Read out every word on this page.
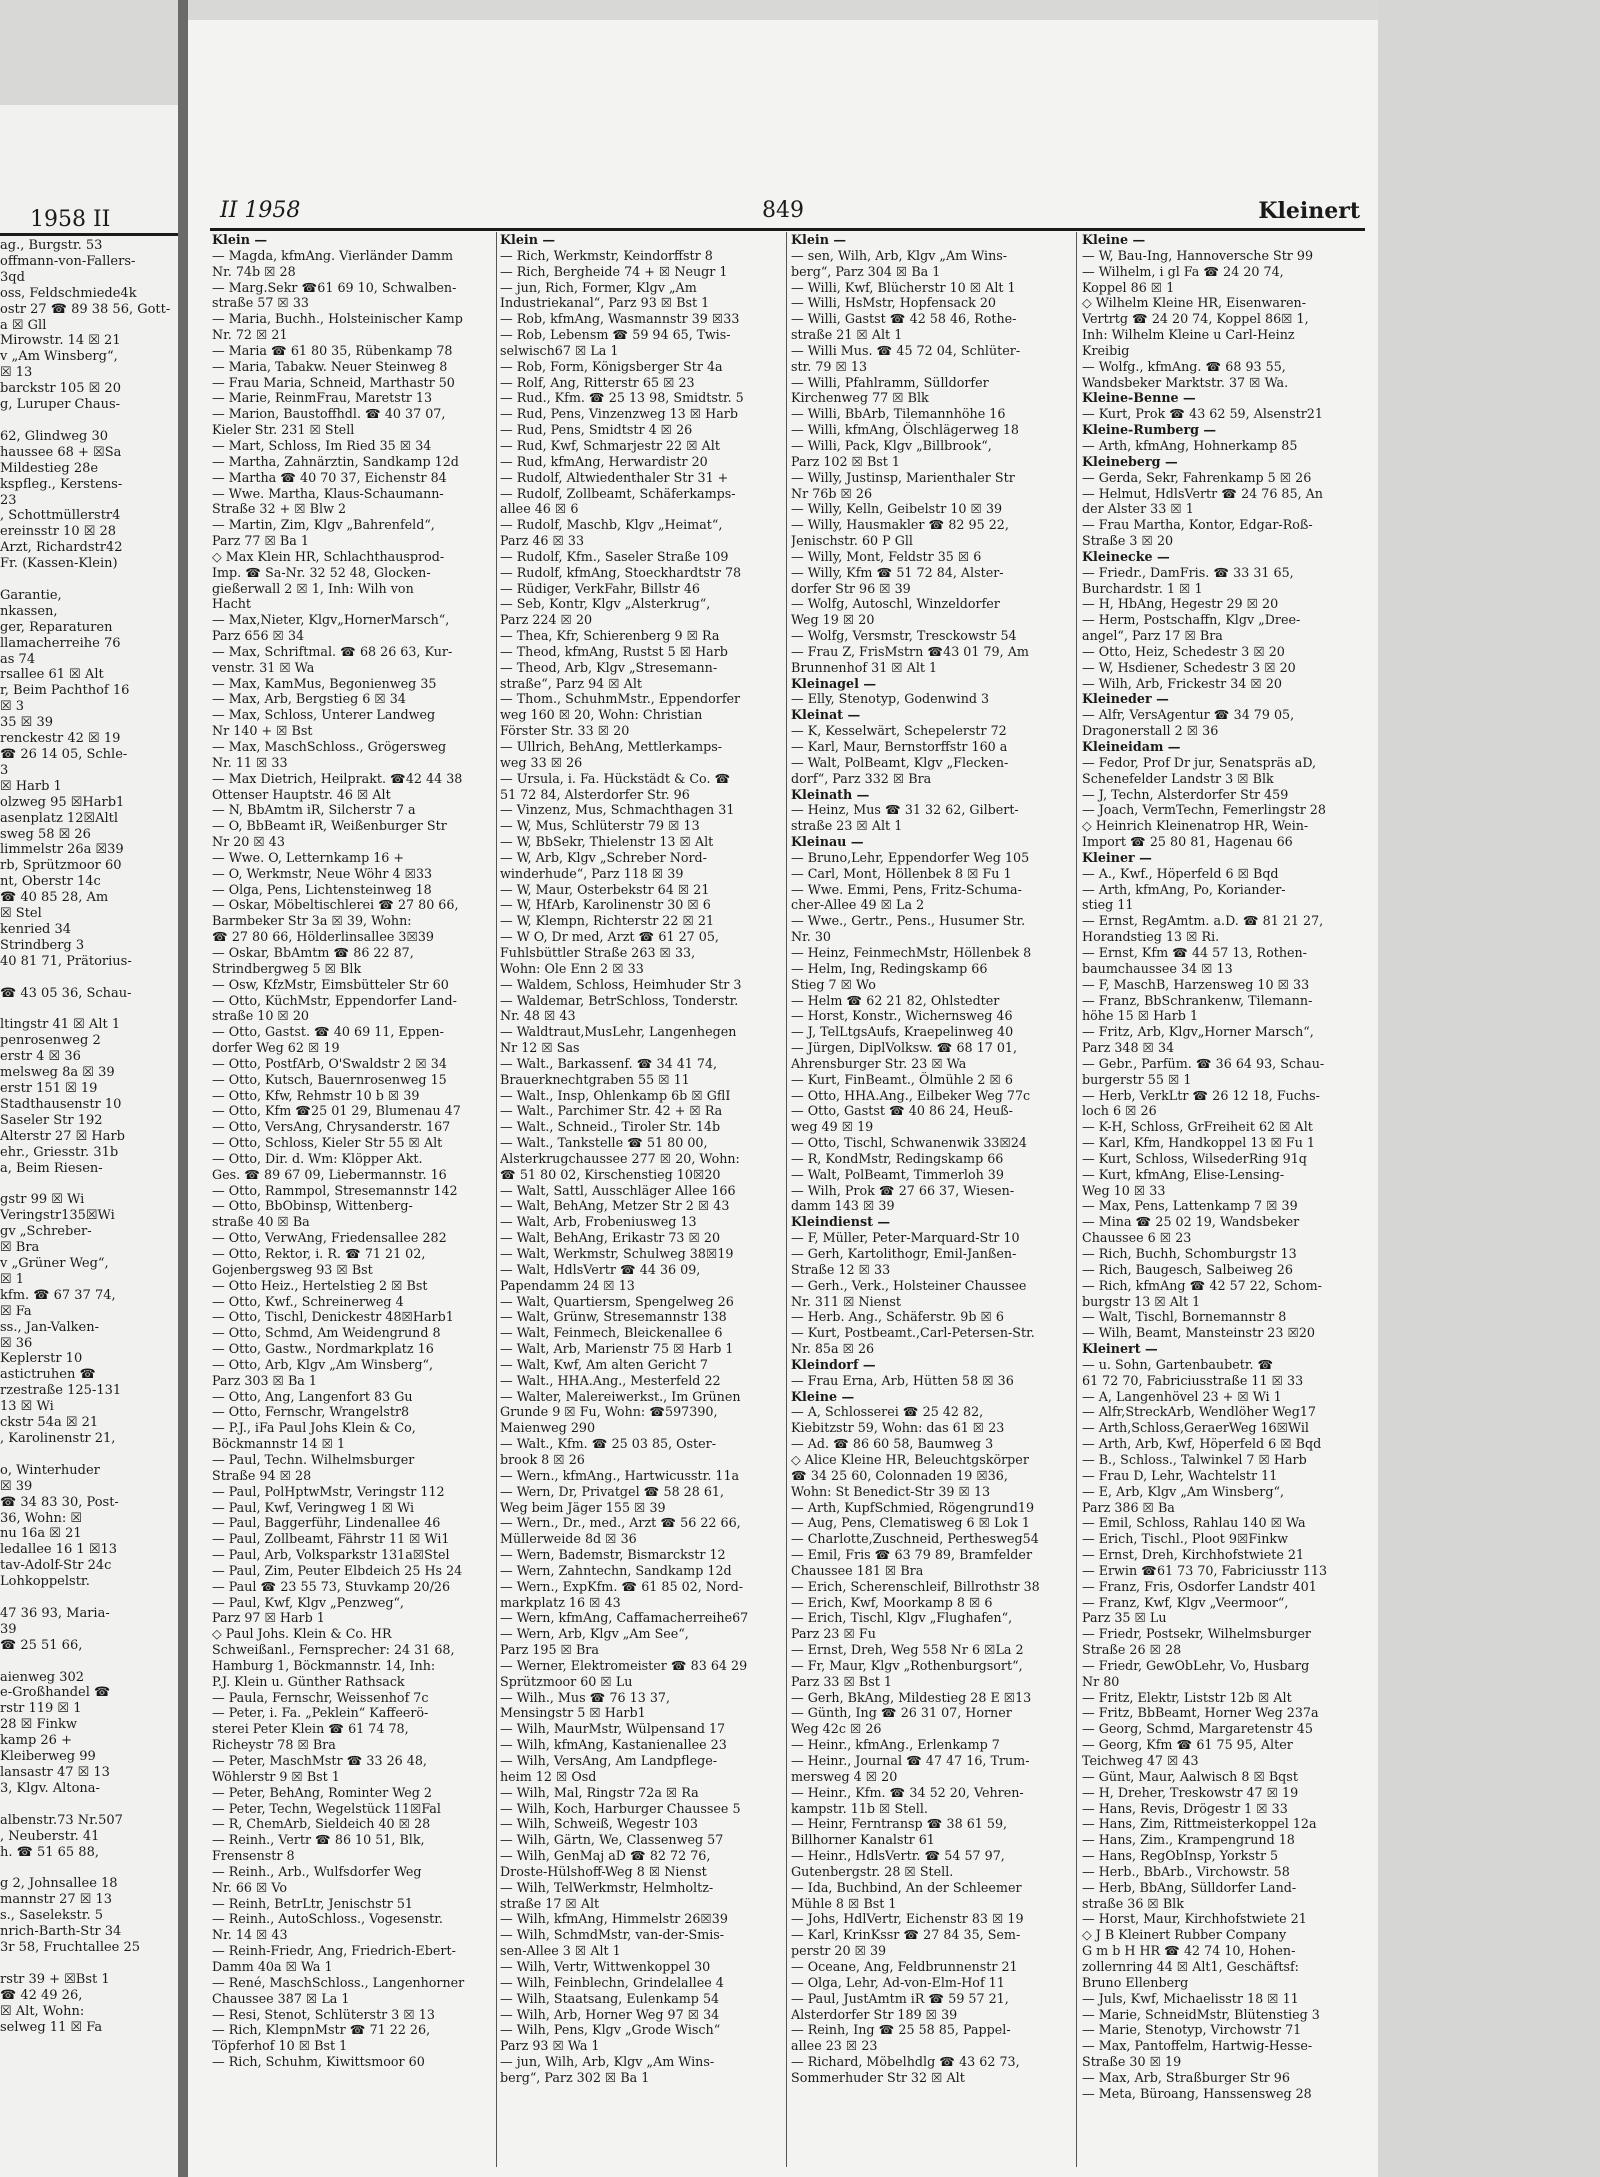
1958 II
ag., Burgstr. 53
offmann-von-Fallers-
3qd
oss, Feldschmiede4k
ostr 27 ☎ 89 38 56, Gott-
a ☒ Gll
Mirowstr. 14 ☒ 21
v „Am Winsberg“,
☒ 13
barckstr 105 ☒ 20
g, Luruper Chaus-

62, Glindweg 30
haussee 68 + ☒Sa
Mildestieg 28e
kspfleg., Kerstens-
23
, Schottmüllerstr4
ereinsstr 10 ☒ 28
Arzt, Richardstr42
Fr. (Kassen-Klein)

Garantie,
nkassen,
ger, Reparaturen
llamacherreihe 76
as 74
rsallee 61 ☒ Alt
r, Beim Pachthof 16
☒ 3
35 ☒ 39
renckestr 42 ☒ 19
☎ 26 14 05, Schle-
3
☒ Harb 1
olzweg 95 ☒Harb1
asenplatz 12☒Altl
sweg 58 ☒ 26
limmelstr 26a ☒39
rb, Sprützmoor 60
nt, Oberstr 14c
☎ 40 85 28, Am
☒ Stel
kenried 34
Strindberg 3
40 81 71, Prätorius-

☎ 43 05 36, Schau-

ltingstr 41 ☒ Alt 1
penrosenweg 2
erstr 4 ☒ 36
melsweg 8a ☒ 39
erstr 151 ☒ 19
Stadthausenstr 10
Saseler Str 192
Alterstr 27 ☒ Harb
ehr., Griesstr. 31b
a, Beim Riesen-

gstr 99 ☒ Wi
Veringstr135☒Wi
gv „Schreber-
☒ Bra
v „Grüner Weg“,
☒ 1
kfm. ☎ 67 37 74,
☒ Fa
ss., Jan-Valken-
☒ 36
Keplerstr 10
astictruhen ☎
rzestraße 125-131
13 ☒ Wi
ckstr 54a ☒ 21
, Karolinenstr 21,

o, Winterhuder
☒ 39
☎ 34 83 30, Post-
36, Wohn: ☒
nu 16a ☒ 21
ledallee 16 1 ☒13
tav-Adolf-Str 24c
Lohkoppelstr.

47 36 93, Maria-
39
☎ 25 51 66,

aienweg 302
e-Großhandel ☎
rstr 119 ☒ 1
28 ☒ Finkw
kamp 26 +
Kleiberweg 99
lansastr 47 ☒ 13
3, Klgv. Altona-

albenstr.73 Nr.507
, Neuberstr. 41
h. ☎ 51 65 88,

g 2, Johnsallee 18
mannstr 27 ☒ 13
s., Saselekstr. 5
nrich-Barth-Str 34
3r 58, Fruchtallee 25

rstr 39 + ☒Bst 1
☎ 42 49 26,
☒ Alt, Wohn:
selweg 11 ☒ Fa
II 1958	849	Kleinert
Klein —
— Magda, kfmAng. Vierländer Damm
Nr. 74b ☒ 28
— Marg.Sekr ☎61 69 10, Schwalben-
straße 57 ☒ 33
— Maria, Buchh., Holsteinischer Kamp
Nr. 72 ☒ 21
— Maria ☎ 61 80 35, Rübenkamp 78
— Maria, Tabakw. Neuer Steinweg 8
— Frau Maria, Schneid, Marthastr 50
— Marie, ReinmFrau, Maretstr 13
— Marion, Baustoffhdl. ☎ 40 37 07,
Kieler Str. 231 ☒ Stell
— Mart, Schloss, Im Ried 35 ☒ 34
— Martha, Zahnärztin, Sandkamp 12d
— Martha ☎ 40 70 37, Eichenstr 84
— Wwe. Martha, Klaus-Schaumann-
Straße 32 + ☒ Blw 2
— Martin, Zim, Klgv „Bahrenfeld“,
Parz 77 ☒ Ba 1
◇ Max Klein HR, Schlachthausprod-
Imp. ☎ Sa-Nr. 32 52 48, Glocken-
gießerwall 2 ☒ 1, Inh: Wilh von
Hacht
— Max,Nieter, Klgv„HornerMarsch“,
Parz 656 ☒ 34
— Max, Schriftmal. ☎ 68 26 63, Kur-
venstr. 31 ☒ Wa
— Max, KamMus, Begonienweg 35
— Max, Arb, Bergstieg 6 ☒ 34
— Max, Schloss, Unterer Landweg
Nr 140 + ☒ Bst
— Max, MaschSchloss., Grögersweg
Nr. 11 ☒ 33
— Max Dietrich, Heilprakt. ☎42 44 38
Ottenser Hauptstr. 46 ☒ Alt
— N, BbAmtm iR, Silcherstr 7 a
— O, BbBeamt iR, Weißenburger Str
Nr 20 ☒ 43
— Wwe. O, Letternkamp 16 +
— O, Werkmstr, Neue Wöhr 4 ☒33
— Olga, Pens, Lichtensteinweg 18
— Oskar, Möbeltischlerei ☎ 27 80 66,
Barmbeker Str 3a ☒ 39, Wohn:
☎ 27 80 66, Hölderlinsallee 3☒39
— Oskar, BbAmtm ☎ 86 22 87,
Strindbergweg 5 ☒ Blk
— Osw, KfzMstr, Eimsbütteler Str 60
— Otto, KüchMstr, Eppendorfer Land-
straße 10 ☒ 20
— Otto, Gastst. ☎ 40 69 11, Eppen-
dorfer Weg 62 ☒ 19
— Otto, PostfArb, O'Swaldstr 2 ☒ 34
— Otto, Kutsch, Bauernrosenweg 15
— Otto, Kfw, Rehmstr 10 b ☒ 39
— Otto, Kfm ☎25 01 29, Blumenau 47
— Otto, VersAng, Chrysanderstr. 167
— Otto, Schloss, Kieler Str 55 ☒ Alt
— Otto, Dir. d. Wm: Klöpper Akt.
Ges. ☎ 89 67 09, Liebermannstr. 16
— Otto, Rammpol, Stresemannstr 142
— Otto, BbObinsp, Wittenberg-
straße 40 ☒ Ba
— Otto, VerwAng, Friedensallee 282
— Otto, Rektor, i. R. ☎ 71 21 02,
Gojenbergsweg 93 ☒ Bst
— Otto Heiz., Hertelstieg 2 ☒ Bst
— Otto, Kwf., Schreinerweg 4
— Otto, Tischl, Denickestr 48☒Harb1
— Otto, Schmd, Am Weidengrund 8
— Otto, Gastw., Nordmarkplatz 16
— Otto, Arb, Klgv „Am Winsberg“,
Parz 303 ☒ Ba 1
— Otto, Ang, Langenfort 83 Gu
— Otto, Fernschr, Wrangelstr8
— P.J., iFa Paul Johs Klein & Co,
Böckmannstr 14 ☒ 1
— Paul, Techn. Wilhelmsburger
Straße 94 ☒ 28
— Paul, PolHptwMstr, Veringstr 112
— Paul, Kwf, Veringweg 1 ☒ Wi
— Paul, Baggerführ, Lindenallee 46
— Paul, Zollbeamt, Fährstr 11 ☒ Wi1
— Paul, Arb, Volksparkstr 131a☒Stel
— Paul, Zim, Peuter Elbdeich 25 Hs 24
— Paul ☎ 23 55 73, Stuvkamp 20/26
— Paul, Kwf, Klgv „Penzweg“,
Parz 97 ☒ Harb 1
◇ Paul Johs. Klein & Co. HR
Schweißanl., Fernsprecher: 24 31 68,
Hamburg 1, Böckmannstr. 14, Inh:
P.J. Klein u. Günther Rathsack
— Paula, Fernschr, Weissenhof 7c
— Peter, i. Fa. „Peklein“ Kaffeerö-
sterei Peter Klein ☎ 61 74 78,
Richeystr 78 ☒ Bra
— Peter, MaschMstr ☎ 33 26 48,
Wöhlerstr 9 ☒ Bst 1
— Peter, BehAng, Rominter Weg 2
— Peter, Techn, Wegelstück 11☒Fal
— R, ChemArb, Sieldeich 40 ☒ 28
— Reinh., Vertr ☎ 86 10 51, Blk,
Frensenstr 8
— Reinh., Arb., Wulfsdorfer Weg
Nr. 66 ☒ Vo
— Reinh, BetrLtr, Jenischstr 51
— Reinh., AutoSchloss., Vogesenstr.
Nr. 14 ☒ 43
— Reinh-Friedr, Ang, Friedrich-Ebert-
Damm 40a ☒ Wa 1
— René, MaschSchloss., Langenhorner
Chaussee 387 ☒ La 1
— Resi, Stenot, Schlüterstr 3 ☒ 13
— Rich, KlempnMstr ☎ 71 22 26,
Töpferhof 10 ☒ Bst 1
— Rich, Schuhm, Kiwittsmoor 60
Klein —
— Rich, Werkmstr, Keindorffstr 8
— Rich, Bergheide 74 + ☒ Neugr 1
— jun, Rich, Former, Klgv „Am
Industriekanal“, Parz 93 ☒ Bst 1
— Rob, kfmAng, Wasmannstr 39 ☒33
— Rob, Lebensm ☎ 59 94 65, Twis-
selwisch67 ☒ La 1
— Rob, Form, Königsberger Str 4a
— Rolf, Ang, Ritterstr 65 ☒ 23
— Rud., Kfm. ☎ 25 13 98, Smidtstr. 5
— Rud, Pens, Vinzenzweg 13 ☒ Harb
— Rud, Pens, Smidtstr 4 ☒ 26
— Rud, Kwf, Schmarjestr 22 ☒ Alt
— Rud, kfmAng, Herwardistr 20
— Rudolf, Altwiedenthaler Str 31 +
— Rudolf, Zollbeamt, Schäferkamps-
allee 46 ☒ 6
— Rudolf, Maschb, Klgv „Heimat“,
Parz 46 ☒ 33
— Rudolf, Kfm., Saseler Straße 109
— Rudolf, kfmAng, Stoeckhardtstr 78
— Rüdiger, VerkFahr, Billstr 46
— Seb, Kontr, Klgv „Alsterkrug“,
Parz 224 ☒ 20
— Thea, Kfr, Schierenberg 9 ☒ Ra
— Theod, kfmAng, Rustst 5 ☒ Harb
— Theod, Arb, Klgv „Stresemann-
straße“, Parz 94 ☒ Alt
— Thom., SchuhmMstr., Eppendorfer
weg 160 ☒ 20, Wohn: Christian
Förster Str. 33 ☒ 20
— Ullrich, BehAng, Mettlerkamps-
weg 33 ☒ 26
— Ursula, i. Fa. Hückstädt & Co. ☎
51 72 84, Alsterdorfer Str. 96
— Vinzenz, Mus, Schmachthagen 31
— W, Mus, Schlüterstr 79 ☒ 13
— W, BbSekr, Thielenstr 13 ☒ Alt
— W, Arb, Klgv „Schreber Nord-
winderhude“, Parz 118 ☒ 39
— W, Maur, Osterbekstr 64 ☒ 21
— W, HfArb, Karolinenstr 30 ☒ 6
— W, Klempn, Richterstr 22 ☒ 21
— W O, Dr med, Arzt ☎ 61 27 05,
Fuhlsbüttler Straße 263 ☒ 33,
Wohn: Ole Enn 2 ☒ 33
— Waldem, Schloss, Heimhuder Str 3
— Waldemar, BetrSchloss, Tonderstr.
Nr. 48 ☒ 43
— Waldtraut,MusLehr, Langenhegen
Nr 12 ☒ Sas
— Walt., Barkassenf. ☎ 34 41 74,
Brauerknechtgraben 55 ☒ 11
— Walt., Insp, Ohlenkamp 6b ☒ GflI
— Walt., Parchimer Str. 42 + ☒ Ra
— Walt., Schneid., Tiroler Str. 14b
— Walt., Tankstelle ☎ 51 80 00,
Alsterkrugchaussee 277 ☒ 20, Wohn:
☎ 51 80 02, Kirschenstieg 10☒20
— Walt, Sattl, Ausschläger Allee 166
— Walt, BehAng, Metzer Str 2 ☒ 43
— Walt, Arb, Frobeniusweg 13
— Walt, BehAng, Erikastr 73 ☒ 20
— Walt, Werkmstr, Schulweg 38☒19
— Walt, HdlsVertr ☎ 44 36 09,
Papendamm 24 ☒ 13
— Walt, Quartiersm, Spengelweg 26
— Walt, Grünw, Stresemannstr 138
— Walt, Feinmech, Bleickenallee 6
— Walt, Arb, Marienstr 75 ☒ Harb 1
— Walt, Kwf, Am alten Gericht 7
— Walt., HHA.Ang., Mesterfeld 22
— Walter, Malereiwerkst., Im Grünen
Grunde 9 ☒ Fu, Wohn: ☎597390,
Maienweg 290
— Walt., Kfm. ☎ 25 03 85, Oster-
brook 8 ☒ 26
— Wern., kfmAng., Hartwicusstr. 11a
— Wern, Dr, Privatgel ☎ 58 28 61,
Weg beim Jäger 155 ☒ 39
— Wern., Dr., med., Arzt ☎ 56 22 66,
Müllerweide 8d ☒ 36
— Wern, Bademstr, Bismarckstr 12
— Wern, Zahntechn, Sandkamp 12d
— Wern., ExpKfm. ☎ 61 85 02, Nord-
markplatz 16 ☒ 43
— Wern, kfmAng, Caffamacherreihe67
— Wern, Arb, Klgv „Am See“,
Parz 195 ☒ Bra
— Werner, Elektromeister ☎ 83 64 29
Sprützmoor 60 ☒ Lu
— Wilh., Mus ☎ 76 13 37,
Mensingstr 5 ☒ Harb1
— Wilh, MaurMstr, Wülpensand 17
— Wilh, kfmAng, Kastanienallee 23
— Wilh, VersAng, Am Landpflege-
heim 12 ☒ Osd
— Wilh, Mal, Ringstr 72a ☒ Ra
— Wilh, Koch, Harburger Chaussee 5
— Wilh, Schweiß, Wegestr 103
— Wilh, Gärtn, We, Classenweg 57
— Wilh, GenMaj aD ☎ 82 72 76,
Droste-Hülshoff-Weg 8 ☒ Nienst
— Wilh, TelWerkmstr, Helmholtz-
straße 17 ☒ Alt
— Wilh, kfmAng, Himmelstr 26☒39
— Wilh, SchmdMstr, van-der-Smis-
sen-Allee 3 ☒ Alt 1
— Wilh, Vertr, Wittwenkoppel 30
— Wilh, Feinblechn, Grindelallee 4
— Wilh, Staatsang, Eulenkamp 54
— Wilh, Arb, Horner Weg 97 ☒ 34
— Wilh, Pens, Klgv „Grode Wisch“
Parz 93 ☒ Wa 1
— jun, Wilh, Arb, Klgv „Am Wins-
berg“, Parz 302 ☒ Ba 1
Klein —
— sen, Wilh, Arb, Klgv „Am Wins-
berg“, Parz 304 ☒ Ba 1
— Willi, Kwf, Blücherstr 10 ☒ Alt 1
— Willi, HsMstr, Hopfensack 20
— Willi, Gastst ☎ 42 58 46, Rothe-
straße 21 ☒ Alt 1
— Willi Mus. ☎ 45 72 04, Schlüter-
str. 79 ☒ 13
— Willi, Pfahlramm, Sülldorfer
Kirchenweg 77 ☒ Blk
— Willi, BbArb, Tilemannhöhe 16
— Willi, kfmAng, Ölschlägerweg 18
— Willi, Pack, Klgv „Billbrook“,
Parz 102 ☒ Bst 1
— Willy, Justinsp, Marienthaler Str
Nr 76b ☒ 26
— Willy, Kelln, Geibelstr 10 ☒ 39
— Willy, Hausmakler ☎ 82 95 22,
Jenischstr. 60 P Gll
— Willy, Mont, Feldstr 35 ☒ 6
— Willy, Kfm ☎ 51 72 84, Alster-
dorfer Str 96 ☒ 39
— Wolfg, Autoschl, Winzeldorfer
Weg 19 ☒ 20
— Wolfg, Versmstr, Tresckowstr 54
— Frau Z, FrisMstrn ☎43 01 79, Am
Brunnenhof 31 ☒ Alt 1
Kleinagel —
— Elly, Stenotyp, Godenwind 3
Kleinat —
— K, Kesselwärt, Schepelerstr 72
— Karl, Maur, Bernstorffstr 160 a
— Walt, PolBeamt, Klgv „Flecken-
dorf“, Parz 332 ☒ Bra
Kleinath —
— Heinz, Mus ☎ 31 32 62, Gilbert-
straße 23 ☒ Alt 1
Kleinau —
— Bruno,Lehr, Eppendorfer Weg 105
— Carl, Mont, Höllenbek 8 ☒ Fu 1
— Wwe. Emmi, Pens, Fritz-Schuma-
cher-Allee 49 ☒ La 2
— Wwe., Gertr., Pens., Husumer Str.
Nr. 30
— Heinz, FeinmechMstr, Höllenbek 8
— Helm, Ing, Redingskamp 66
Stieg 7 ☒ Wo
— Helm ☎ 62 21 82, Ohlstedter
— Horst, Konstr., Wichernsweg 46
— J, TelLtgsAufs, Kraepelinweg 40
— Jürgen, DiplVolksw. ☎ 68 17 01,
Ahrensburger Str. 23 ☒ Wa
— Kurt, FinBeamt., Ölmühle 2 ☒ 6
— Otto, HHA.Ang., Eilbeker Weg 77c
— Otto, Gastst ☎ 40 86 24, Heuß-
weg 49 ☒ 19
— Otto, Tischl, Schwanenwik 33☒24
— R, KondMstr, Redingskamp 66
— Walt, PolBeamt, Timmerloh 39
— Wilh, Prok ☎ 27 66 37, Wiesen-
damm 143 ☒ 39
Kleindienst —
— F, Müller, Peter-Marquard-Str 10
— Gerh, Kartolithogr, Emil-Janßen-
Straße 12 ☒ 33
— Gerh., Verk., Holsteiner Chaussee
Nr. 311 ☒ Nienst
— Herb. Ang., Schäferstr. 9b ☒ 6
— Kurt, Postbeamt.,Carl-Petersen-Str.
Nr. 85a ☒ 26
Kleindorf —
— Frau Erna, Arb, Hütten 58 ☒ 36
Kleine —
— A, Schlosserei ☎ 25 42 82,
Kiebitzstr 59, Wohn: das 61 ☒ 23
— Ad. ☎ 86 60 58, Baumweg 3
◇ Alice Kleine HR, Beleuchtgskörper
☎ 34 25 60, Colonnaden 19 ☒36,
Wohn: St Benedict-Str 39 ☒ 13
— Arth, KupfSchmied, Rögengrund19
— Aug, Pens, Clematisweg 6 ☒ Lok 1
— Charlotte,Zuschneid, Perthesweg54
— Emil, Fris ☎ 63 79 89, Bramfelder
Chaussee 181 ☒ Bra
— Erich, Scherenschleif, Billrothstr 38
— Erich, Kwf, Moorkamp 8 ☒ 6
— Erich, Tischl, Klgv „Flughafen“,
Parz 23 ☒ Fu
— Ernst, Dreh, Weg 558 Nr 6 ☒La 2
— Fr, Maur, Klgv „Rothenburgsort“,
Parz 33 ☒ Bst 1
— Gerh, BkAng, Mildestieg 28 E ☒13
— Günth, Ing ☎ 26 31 07, Horner
Weg 42c ☒ 26
— Heinr., kfmAng., Erlenkamp 7
— Heinr., Journal ☎ 47 47 16, Trum-
mersweg 4 ☒ 20
— Heinr., Kfm. ☎ 34 52 20, Vehren-
kampstr. 11b ☒ Stell.
— Heinr, Ferntransp ☎ 38 61 59,
Billhorner Kanalstr 61
— Heinr., HdlsVertr. ☎ 54 57 97,
Gutenbergstr. 28 ☒ Stell.
— Ida, Buchbind, An der Schleemer
Mühle 8 ☒ Bst 1
— Johs, HdlVertr, Eichenstr 83 ☒ 19
— Karl, KrinKssr ☎ 27 84 35, Sem-
perstr 20 ☒ 39
— Oceane, Ang, Feldbrunnenstr 21
— Olga, Lehr, Ad-von-Elm-Hof 11
— Paul, JustAmtm iR ☎ 59 57 21,
Alsterdorfer Str 189 ☒ 39
— Reinh, Ing ☎ 25 58 85, Pappel-
allee 23 ☒ 23
— Richard, Möbelhdlg ☎ 43 62 73,
Sommerhuder Str 32 ☒ Alt
Kleine —
— W, Bau-Ing, Hannoversche Str 99
— Wilhelm, i gl Fa ☎ 24 20 74,
Koppel 86 ☒ 1
◇ Wilhelm Kleine HR, Eisenwaren-
Vertrtg ☎ 24 20 74, Koppel 86☒ 1,
Inh: Wilhelm Kleine u Carl-Heinz
Kreibig
— Wolfg., kfmAng. ☎ 68 93 55,
Wandsbeker Marktstr. 37 ☒ Wa.
Kleine-Benne —
— Kurt, Prok ☎ 43 62 59, Alsenstr21
Kleine-Rumberg —
— Arth, kfmAng, Hohnerkamp 85
Kleineberg —
— Gerda, Sekr, Fahrenkamp 5 ☒ 26
— Helmut, HdlsVertr ☎ 24 76 85, An
der Alster 33 ☒ 1
— Frau Martha, Kontor, Edgar-Roß-
Straße 3 ☒ 20
Kleinecke —
— Friedr., DamFris. ☎ 33 31 65,
Burchardstr. 1 ☒ 1
— H, HbAng, Hegestr 29 ☒ 20
— Herm, Postschaffn, Klgv „Dree-
angel“, Parz 17 ☒ Bra
— Otto, Heiz, Schedestr 3 ☒ 20
— W, Hsdiener, Schedestr 3 ☒ 20
— Wilh, Arb, Frickestr 34 ☒ 20
Kleineder —
— Alfr, VersAgentur ☎ 34 79 05,
Dragonerstall 2 ☒ 36
Kleineidam —
— Fedor, Prof Dr jur, Senatspräs aD,
Schenefelder Landstr 3 ☒ Blk
— J, Techn, Alsterdorfer Str 459
— Joach, VermTechn, Femerlingstr 28
◇ Heinrich Kleinenatrop HR, Wein-
Import ☎ 25 80 81, Hagenau 66
Kleiner —
— A., Kwf., Höperfeld 6 ☒ Bqd
— Arth, kfmAng, Po, Koriander-
stieg 11
— Ernst, RegAmtm. a.D. ☎ 81 21 27,
Horandstieg 13 ☒ Ri.
— Ernst, Kfm ☎ 44 57 13, Rothen-
baumchaussee 34 ☒ 13
— F, MaschB, Harzensweg 10 ☒ 33
— Franz, BbSchrankenw, Tilemann-
höhe 15 ☒ Harb 1
— Fritz, Arb, Klgv„Horner Marsch“,
Parz 348 ☒ 34
— Gebr., Parfüm. ☎ 36 64 93, Schau-
burgerstr 55 ☒ 1
— Herb, VerkLtr ☎ 26 12 18, Fuchs-
loch 6 ☒ 26
— K-H, Schloss, GrFreiheit 62 ☒ Alt
— Karl, Kfm, Handkoppel 13 ☒ Fu 1
— Kurt, Schloss, WilsederRing 91q
— Kurt, kfmAng, Elise-Lensing-
Weg 10 ☒ 33
— Max, Pens, Lattenkamp 7 ☒ 39
— Mina ☎ 25 02 19, Wandsbeker
Chaussee 6 ☒ 23
— Rich, Buchh, Schomburgstr 13
— Rich, Baugesch, Salbeiweg 26
— Rich, kfmAng ☎ 42 57 22, Schom-
burgstr 13 ☒ Alt 1
— Walt, Tischl, Bornemannstr 8
— Wilh, Beamt, Mansteinstr 23 ☒20
Kleinert —
— u. Sohn, Gartenbaubetr. ☎
61 72 70, Fabriciusstraße 11 ☒ 33
— A, Langenhövel 23 + ☒ Wi 1
— Alfr,StreckArb, Wendlöher Weg17
— Arth,Schloss,GeraerWeg 16☒Wil
— Arth, Arb, Kwf, Höperfeld 6 ☒ Bqd
— B., Schloss., Talwinkel 7 ☒ Harb
— Frau D, Lehr, Wachtelstr 11
— E, Arb, Klgv „Am Winsberg“,
Parz 386 ☒ Ba
— Emil, Schloss, Rahlau 140 ☒ Wa
— Erich, Tischl., Ploot 9☒Finkw
— Ernst, Dreh, Kirchhofstwiete 21
— Erwin ☎61 73 70, Fabriciusstr 113
— Franz, Fris, Osdorfer Landstr 401
— Franz, Kwf, Klgv „Veermoor“,
Parz 35 ☒ Lu
— Friedr, Postsekr, Wilhelmsburger
Straße 26 ☒ 28
— Friedr, GewObLehr, Vo, Husbarg
Nr 80
— Fritz, Elektr, Liststr 12b ☒ Alt
— Fritz, BbBeamt, Horner Weg 237a
— Georg, Schmd, Margaretenstr 45
— Georg, Kfm ☎ 61 75 95, Alter
Teichweg 47 ☒ 43
— Günt, Maur, Aalwisch 8 ☒ Bqst
— H, Dreher, Treskowstr 47 ☒ 19
— Hans, Revis, Drögestr 1 ☒ 33
— Hans, Zim, Rittmeisterkoppel 12a
— Hans, Zim., Krampengrund 18
— Hans, RegObInsp, Yorkstr 5
— Herb., BbArb., Virchowstr. 58
— Herb, BbAng, Sülldorfer Land-
straße 36 ☒ Blk
— Horst, Maur, Kirchhofstwiete 21
◇ J B Kleinert Rubber Company
G m b H HR ☎ 42 74 10, Hohen-
zollernring 44 ☒ Alt1, Geschäftsf:
Bruno Ellenberg
— Juls, Kwf, Michaelisstr 18 ☒ 11
— Marie, SchneidMstr, Blütenstieg 3
— Marie, Stenotyp, Virchowstr 71
— Max, Pantoffelm, Hartwig-Hesse-
Straße 30 ☒ 19
— Max, Arb, Straßburger Str 96
— Meta, Büroang, Hanssensweg 28
